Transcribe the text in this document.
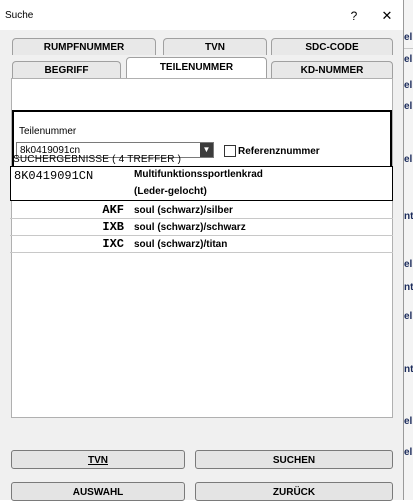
el
el
el
el
el
nt
el
nt
el
nt
el
el
Suche	?	✕
RUMPFNUMMER	TVN	SDC-CODE
BEGRIFF	TEILENUMMER	KD-NUMMER
Teilenummer
8k0419091cn	▼	Referenznummer
SUCHERGEBNISSE ( 4 TREFFER )
8K0419091CN	Multifunktionssportlenkrad
(Leder-gelocht)
AKF soul (schwarz)/silber
IXB soul (schwarz)/schwarz
IXC soul (schwarz)/titan
TVN	SUCHEN
AUSWAHL	ZURÜCK
